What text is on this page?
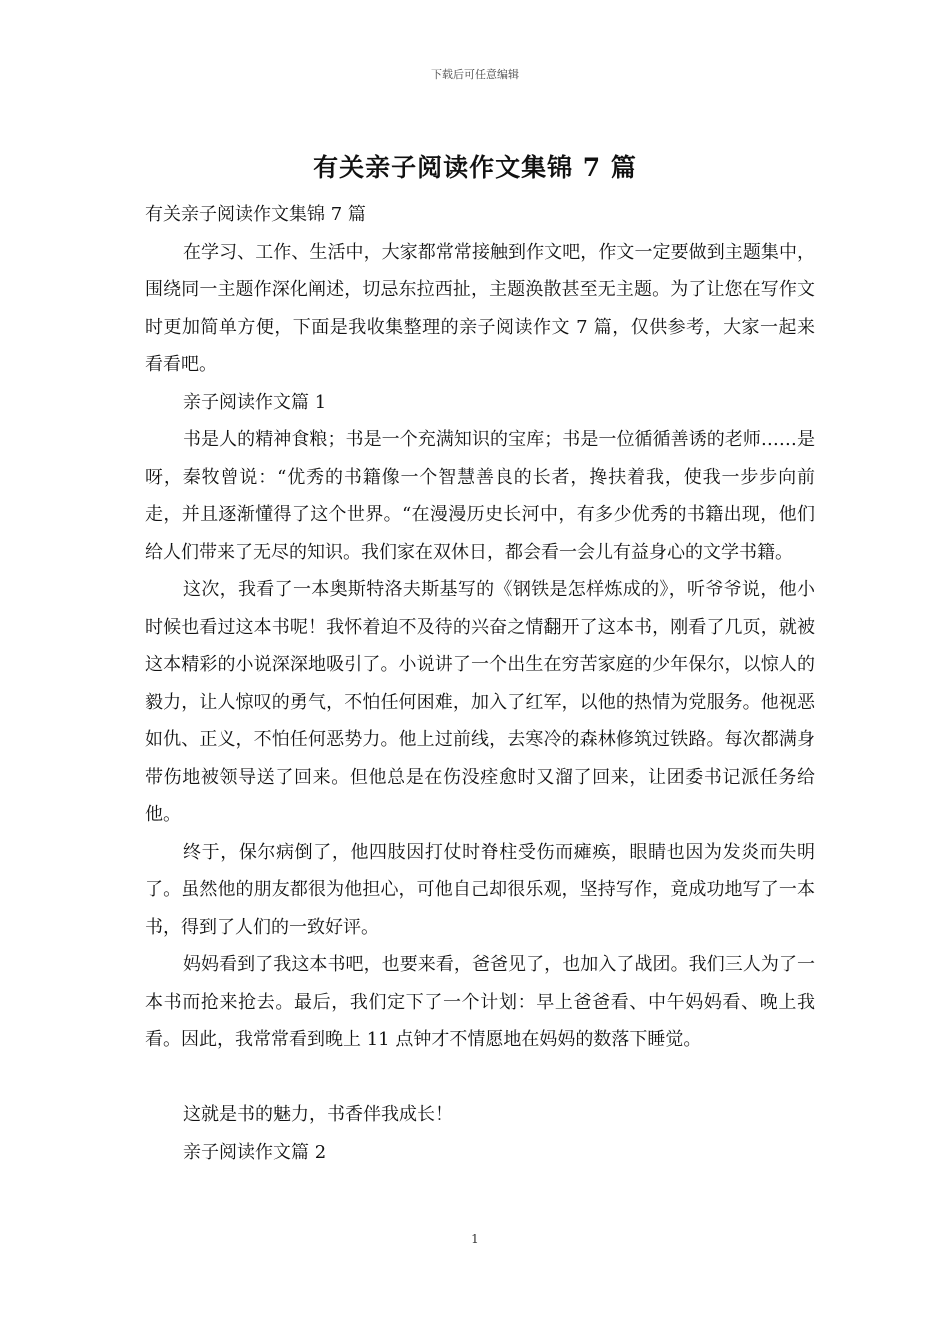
下载后可任意编辑
有关亲子阅读作文集锦 7 篇

有关亲子阅读作文集锦 7 篇

在学习、工作、生活中，大家都常常接触到作文吧，作文一定要做到主题集中，围绕同一主题作深化阐述，切忌东拉西扯，主题涣散甚至无主题。为了让您在写作文时更加简单方便，下面是我收集整理的亲子阅读作文 7 篇，仅供参考，大家一起来看看吧。

亲子阅读作文篇 1

书是人的精神食粮；书是一个充满知识的宝库；书是一位循循善诱的老师……是呀，秦牧曾说：“优秀的书籍像一个智慧善良的长者，搀扶着我，使我一步步向前走，并且逐渐懂得了这个世界。“在漫漫历史长河中，有多少优秀的书籍出现，他们给人们带来了无尽的知识。我们家在双休日，都会看一会儿有益身心的文学书籍。

这次，我看了一本奥斯特洛夫斯基写的《钢铁是怎样炼成的》，听爷爷说，他小时候也看过这本书呢！我怀着迫不及待的兴奋之情翻开了这本书，刚看了几页，就被这本精彩的小说深深地吸引了。小说讲了一个出生在穷苦家庭的少年保尔，以惊人的毅力，让人惊叹的勇气，不怕任何困难，加入了红军，以他的热情为党服务。他视恶如仇、正义，不怕任何恶势力。他上过前线，去寒冷的森林修筑过铁路。每次都满身带伤地被领导送了回来。但他总是在伤没痊愈时又溜了回来，让团委书记派任务给他。

终于，保尔病倒了，他四肢因打仗时脊柱受伤而瘫痪，眼睛也因为发炎而失明了。虽然他的朋友都很为他担心，可他自己却很乐观，坚持写作，竟成功地写了一本书，得到了人们的一致好评。

妈妈看到了我这本书吧，也要来看，爸爸见了，也加入了战团。我们三人为了一本书而抢来抢去。最后，我们定下了一个计划：早上爸爸看、中午妈妈看、晚上我看。因此，我常常看到晚上 11 点钟才不情愿地在妈妈的数落下睡觉。

这就是书的魅力，书香伴我成长！

亲子阅读作文篇 2

1
